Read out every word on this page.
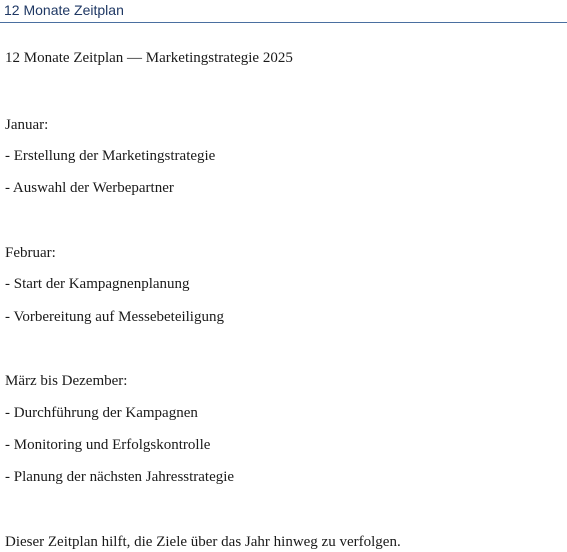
12 Monate Zeitplan

12 Monate Zeitplan — Marketingstrategie 2025

Januar:

- Erstellung der Marketingstrategie

- Auswahl der Werbepartner

Februar:

- Start der Kampagnenplanung

- Vorbereitung auf Messebeteiligung

März bis Dezember:

- Durchführung der Kampagnen

- Monitoring und Erfolgskontrolle

- Planung der nächsten Jahresstrategie

Dieser Zeitplan hilft, die Ziele über das Jahr hinweg zu verfolgen.
